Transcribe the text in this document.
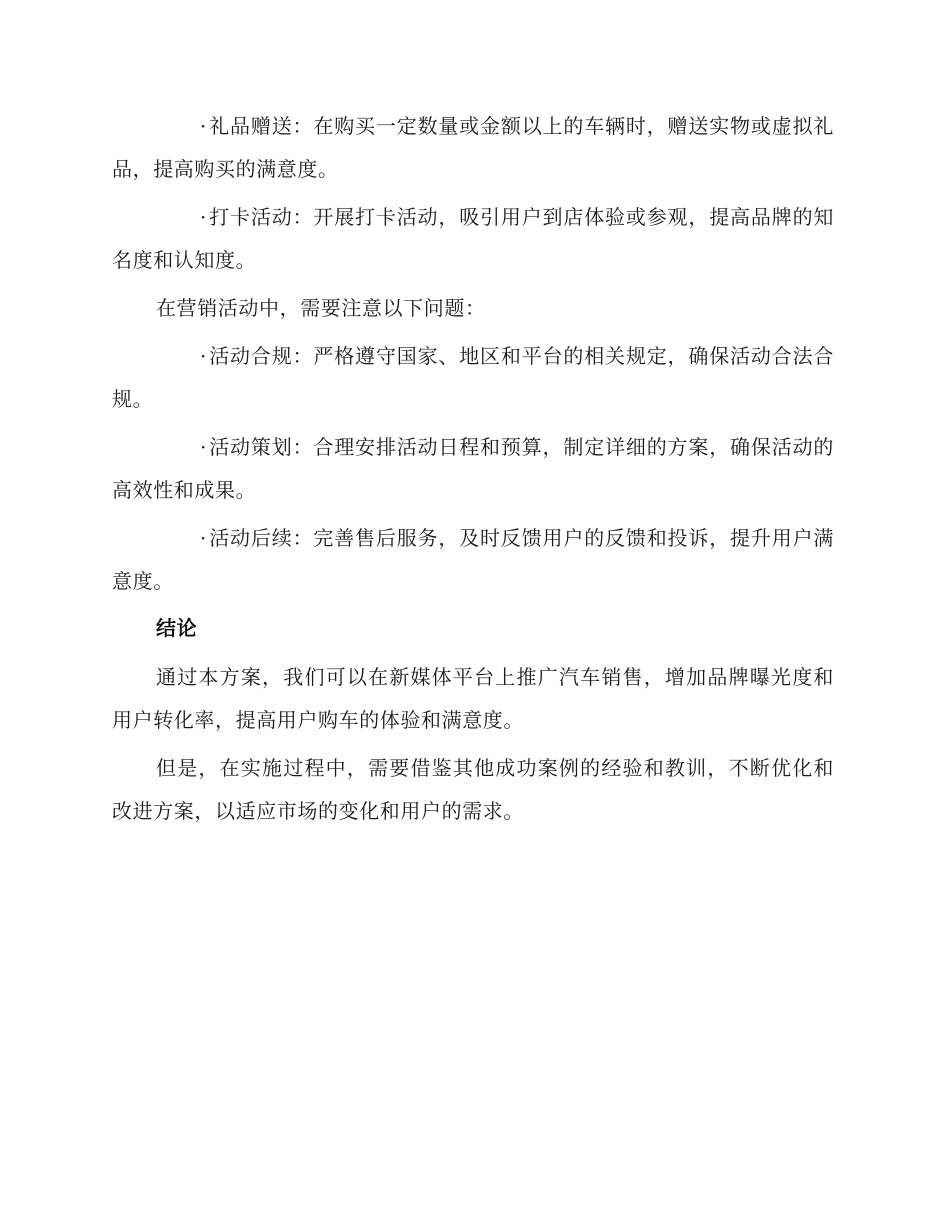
· 礼品赠送：在购买一定数量或金额以上的车辆时，赠送实物或虚拟礼品，提高购买的满意度。

· 打卡活动：开展打卡活动，吸引用户到店体验或参观，提高品牌的知名度和认知度。

在营销活动中，需要注意以下问题：

· 活动合规：严格遵守国家、地区和平台的相关规定，确保活动合法合规。

· 活动策划：合理安排活动日程和预算，制定详细的方案，确保活动的高效性和成果。

· 活动后续：完善售后服务，及时反馈用户的反馈和投诉，提升用户满意度。

结论

通过本方案，我们可以在新媒体平台上推广汽车销售，增加品牌曝光度和用户转化率，提高用户购车的体验和满意度。

但是，在实施过程中，需要借鉴其他成功案例的经验和教训，不断优化和改进方案，以适应市场的变化和用户的需求。
